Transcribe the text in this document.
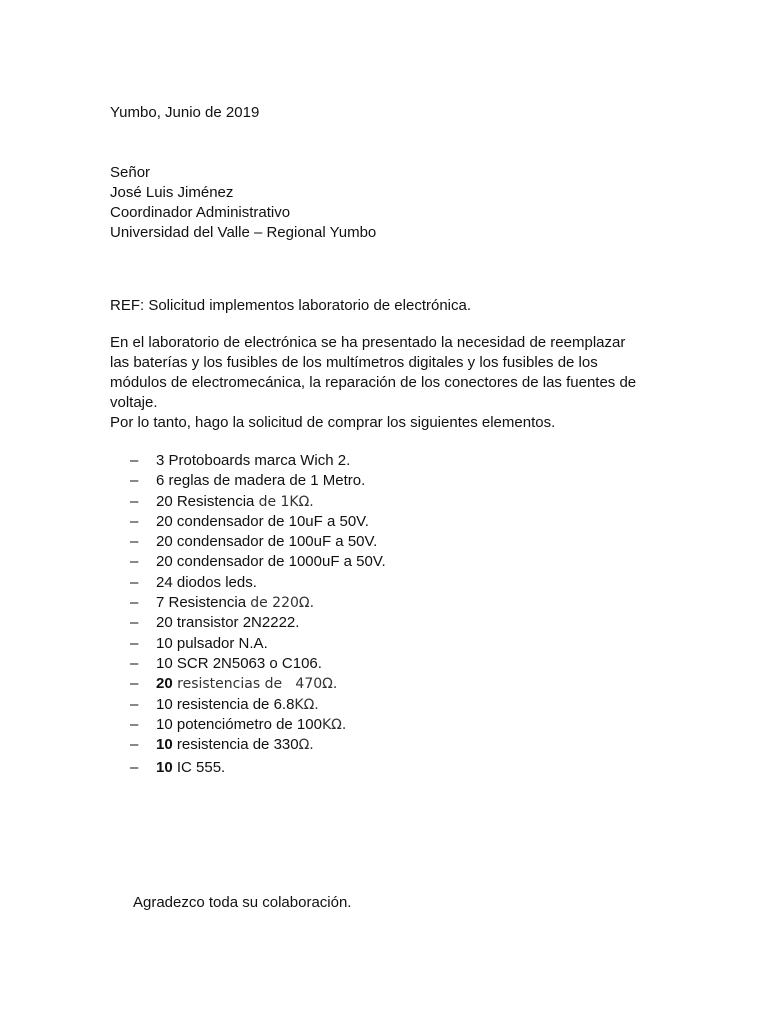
Yumbo, Junio de 2019
Señor
José Luis Jiménez
Coordinador Administrativo
Universidad del Valle – Regional Yumbo
REF: Solicitud implementos laboratorio de electrónica.
En el laboratorio de electrónica se ha presentado la necesidad de reemplazar
las baterías y los fusibles de los multímetros digitales y los fusibles de los
módulos de electromecánica, la reparación de los conectores de las fuentes de
voltaje.
Por lo tanto, hago la solicitud de comprar los siguientes elementos.
–	3 Protoboards marca Wich 2.
–	6 reglas de madera de 1 Metro.
–	20 Resistencia de 1KΩ.
–	20 condensador de 10uF a 50V.
–	20 condensador de 100uF a 50V.
–	20 condensador de 1000uF a 50V.
–	24 diodos leds.
–	7 Resistencia de 220Ω.
–	20 transistor 2N2222.
–	10 pulsador N.A.
–	10 SCR 2N5063 o C106.
–	20 resistencias de   470Ω.
–	10 resistencia de 6.8KΩ.
–	10 potenciómetro de 100KΩ.
–	10 resistencia de 330Ω.
–	10 IC 555.
Agradezco toda su colaboración.
